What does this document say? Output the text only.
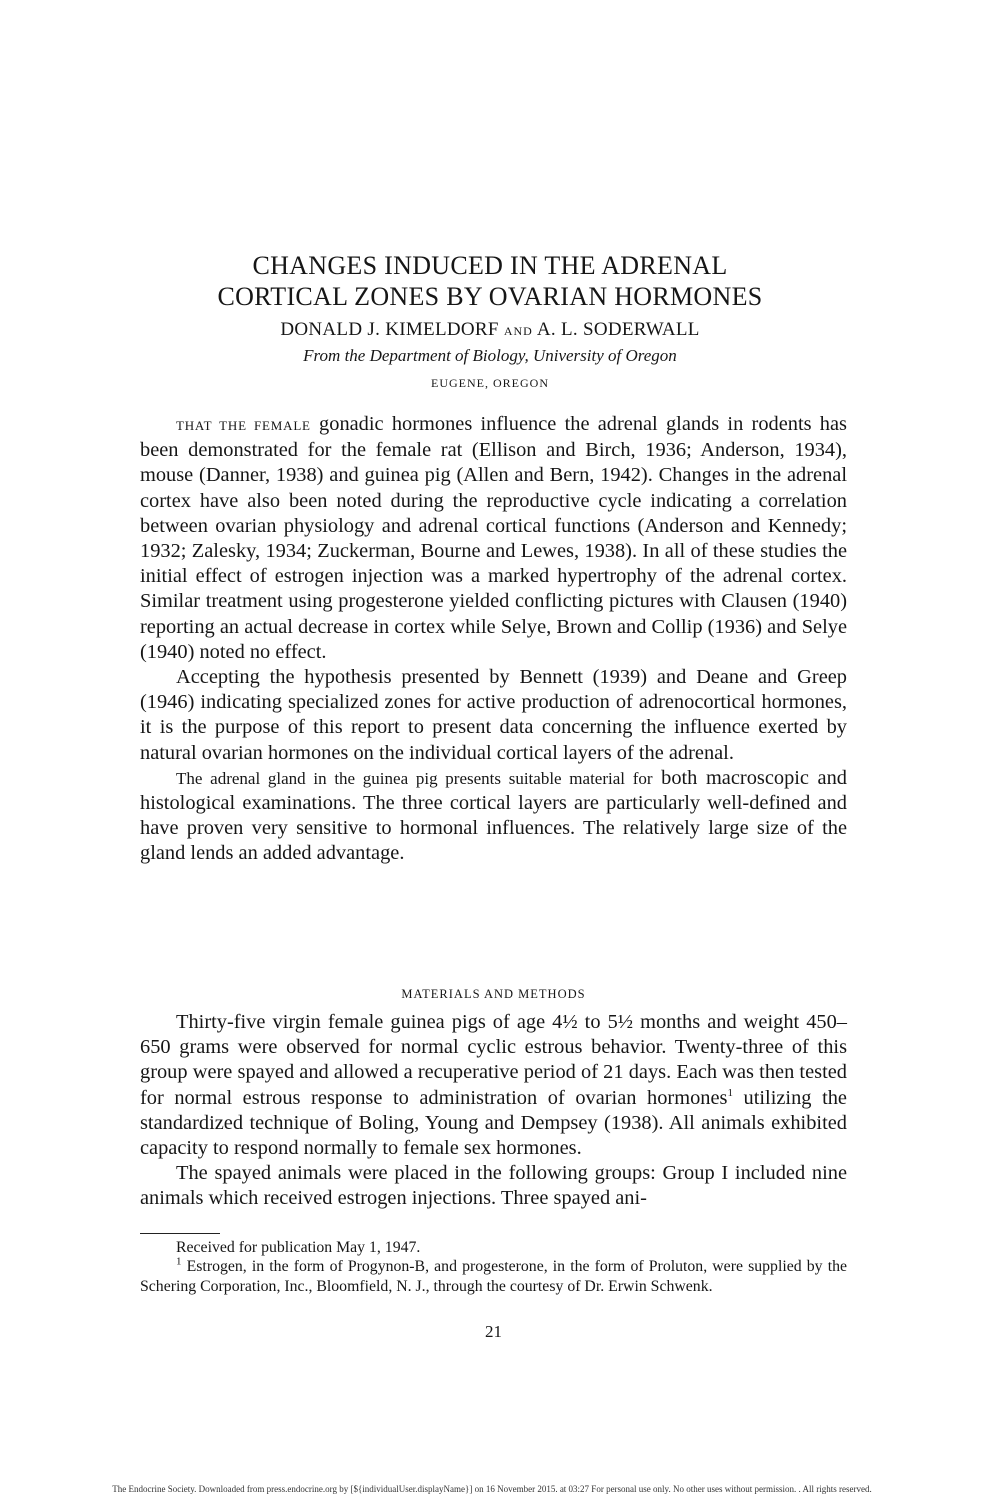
CHANGES INDUCED IN THE ADRENAL
CORTICAL ZONES BY OVARIAN HORMONES
DONALD J. KIMELDORF AND A. L. SODERWALL
From the Department of Biology, University of Oregon
EUGENE, OREGON

THAT THE FEMALE gonadic hormones influence the adrenal glands in rodents has been demonstrated for the female rat (Ellison and Birch, 1936; Anderson, 1934), mouse (Danner, 1938) and guinea pig (Allen and Bern, 1942). Changes in the adrenal cortex have also been noted during the reproductive cycle indicating a correlation between ovarian physiology and adrenal cortical functions (Anderson and Kennedy; 1932; Zalesky, 1934; Zuckerman, Bourne and Lewes, 1938). In all of these studies the initial effect of estrogen injection was a marked hypertrophy of the adrenal cortex. Similar treatment using progesterone yielded conflicting pictures with Clausen (1940) reporting an actual decrease in cortex while Selye, Brown and Collip (1936) and Selye (1940) noted no effect.

Accepting the hypothesis presented by Bennett (1939) and Deane and Greep (1946) indicating specialized zones for active production of adrenocortical hormones, it is the purpose of this report to present data concerning the influence exerted by natural ovarian hormones on the individual cortical layers of the adrenal.

The adrenal gland in the guinea pig presents suitable material for both macroscopic and histological examinations. The three cortical layers are particularly well-defined and have proven very sensitive to hormonal influences. The relatively large size of the gland lends an added advantage.

MATERIALS AND METHODS

Thirty-five virgin female guinea pigs of age 4½ to 5½ months and weight 450–650 grams were observed for normal cyclic estrous behavior. Twenty-three of this group were spayed and allowed a recuperative period of 21 days. Each was then tested for normal estrous response to administration of ovarian hormones$^1$ utilizing the standardized technique of Boling, Young and Dempsey (1938). All animals exhibited capacity to respond normally to female sex hormones.

The spayed animals were placed in the following groups: Group I included nine animals which received estrogen injections. Three spayed ani-

Received for publication May 1, 1947.

$^1$ Estrogen, in the form of Progynon-B, and progesterone, in the form of Proluton, were supplied by the Schering Corporation, Inc., Bloomfield, N. J., through the courtesy of Dr. Erwin Schwenk.

21
The Endocrine Society. Downloaded from press.endocrine.org by [${individualUser.displayName}] on 16 November 2015. at 03:27 For personal use only. No other uses without permission. . All rights reserved.
